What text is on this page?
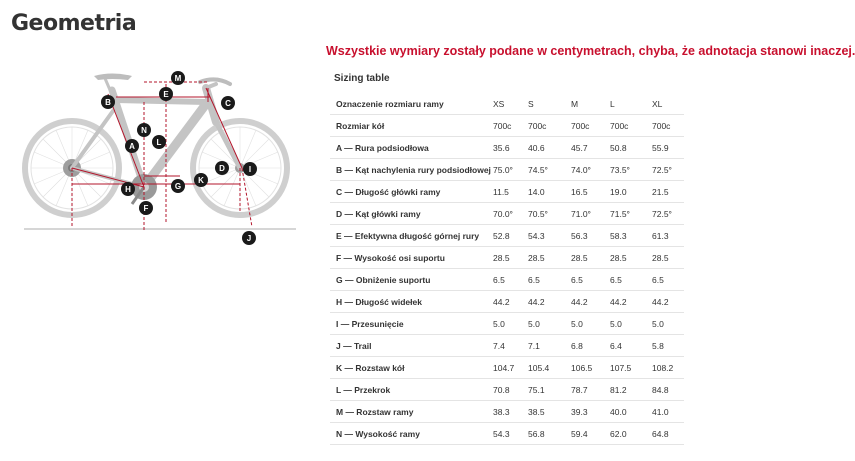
Geometria
Wszystkie wymiary zostały podane w centymetrach, chyba, że adnotacja stanowi inaczej.
A
B	C
D
E
F
G
H
I
J
K
L
M
N
Sizing table
Oznaczenie rozmiaru ramy	XS	S	M	L	XL
Rozmiar kół	700c	700c	700c	700c	700c
A — Rura podsiodłowa	35.6	40.6	45.7	50.8	55.9
B — Kąt nachylenia rury podsiodłowej	75.0°	74.5°	74.0°	73.5°	72.5°
C — Długość główki ramy	11.5	14.0	16.5	19.0	21.5
D — Kąt główki ramy	70.0°	70.5°	71.0°	71.5°	72.5°
E — Efektywna długość górnej rury	52.8	54.3	56.3	58.3	61.3
F — Wysokość osi suportu	28.5	28.5	28.5	28.5	28.5
G — Obniżenie suportu	6.5	6.5	6.5	6.5	6.5
H — Długość widełek	44.2	44.2	44.2	44.2	44.2
I — Przesunięcie	5.0	5.0	5.0	5.0	5.0
J — Trail	7.4	7.1	6.8	6.4	5.8
K — Rozstaw kół	104.7	105.4	106.5	107.5	108.2
L — Przekrok	70.8	75.1	78.7	81.2	84.8
M — Rozstaw ramy	38.3	38.5	39.3	40.0	41.0
N — Wysokość ramy	54.3	56.8	59.4	62.0	64.8
